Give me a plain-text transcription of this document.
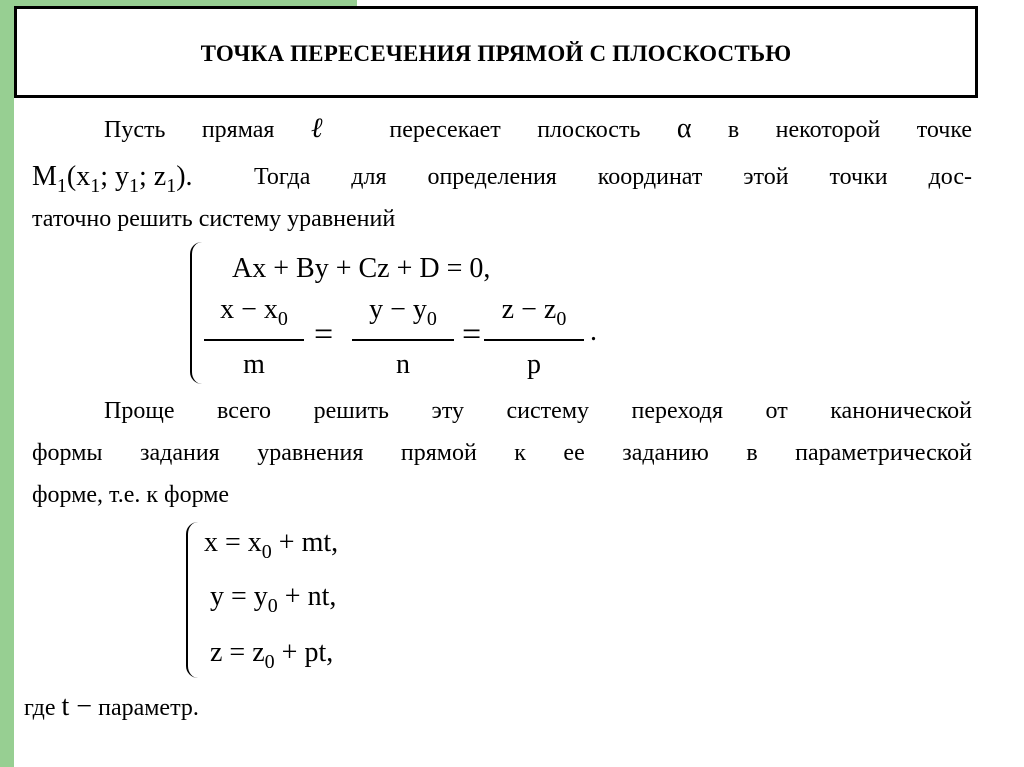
ТОЧКА ПЕРЕСЕЧЕНИЯ ПРЯМОЙ С ПЛОСКОСТЬЮ
Пусть прямая ℓ пересекает плоскость α в некоторой точке
$M_1(x_1$; $y_1$; $z_1$).	Тогда для определения координат этой точки дос-
таточно решить систему уравнений
Ax + By + Cz + D = 0,
$x - x_0$
m
=
$y - y_0$
n
=
$z - z_0$
p
.
Проще всего решить эту систему переходя от канонической
формы задания уравнения прямой к ее заданию в параметрической
форме, т.е. к форме
$x = x_0$ + mt,
$y = y_0$ + nt,
$z = z_0$ + pt,
где t − параметр.
